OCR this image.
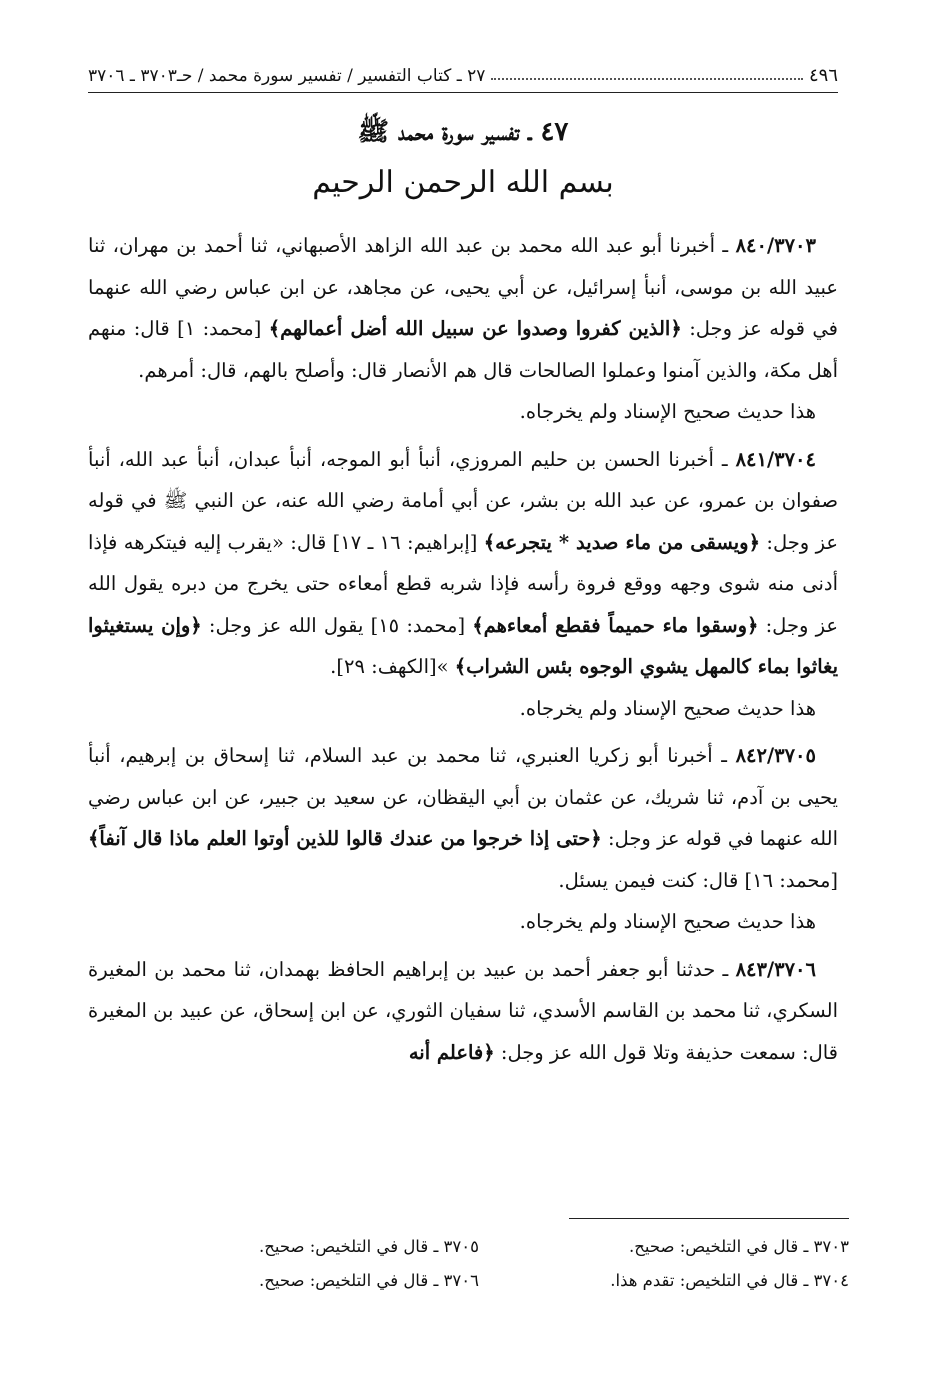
٤٩٦
٢٧ ـ كتاب التفسير / تفسير سورة محمد / حـ٣٧٠٣ ـ ٣٧٠٦
٤٧ ـ تفسير سورة محمد ﷺ
بسم الله الرحمن الرحيم

٨٤٠/٣٧٠٣ ـ أخبرنا أبو عبد الله محمد بن عبد الله الزاهد الأصبهاني، ثنا أحمد بن مهران، ثنا عبيد الله بن موسى، أنبأ إسرائيل، عن أبي يحيى، عن مجاهد، عن ابن عباس رضي الله عنهما في قوله عز وجل: ﴿الذين كفروا وصدوا عن سبيل الله أضل أعمالهم﴾ [محمد: ١] قال: منهم أهل مكة، والذين آمنوا وعملوا الصالحات قال هم الأنصار قال: وأصلح بالهم، قال: أمرهم.

هذا حديث صحيح الإسناد ولم يخرجاه.

٨٤١/٣٧٠٤ ـ أخبرنا الحسن بن حليم المروزي، أنبأ أبو الموجه، أنبأ عبدان، أنبأ عبد الله، أنبأ صفوان بن عمرو، عن عبد الله بن بشر، عن أبي أمامة رضي الله عنه، عن النبي ﷺ في قوله عز وجل: ﴿ويسقى من ماء صديد * يتجرعه﴾ [إبراهيم: ١٦ ـ ١٧] قال: «يقرب إليه فيتكرهه فإذا أدنى منه شوى وجهه ووقع فروة رأسه فإذا شربه قطع أمعاءه حتى يخرج من دبره يقول الله عز وجل: ﴿وسقوا ماء حميماً فقطع أمعاءهم﴾ [محمد: ١٥] يقول الله عز وجل: ﴿وإن يستغيثوا يغاثوا بماء كالمهل يشوي الوجوه بئس الشراب﴾ »[الكهف: ٢٩].

هذا حديث صحيح الإسناد ولم يخرجاه.

٨٤٢/٣٧٠٥ ـ أخبرنا أبو زكريا العنبري، ثنا محمد بن عبد السلام، ثنا إسحاق بن إبرهيم، أنبأ يحيى بن آدم، ثنا شريك، عن عثمان بن أبي اليقظان، عن سعيد بن جبير، عن ابن عباس رضي الله عنهما في قوله عز وجل: ﴿حتى إذا خرجوا من عندك قالوا للذين أوتوا العلم ماذا قال آنفاً﴾ [محمد: ١٦] قال: كنت فيمن يسئل.

هذا حديث صحيح الإسناد ولم يخرجاه.

٨٤٣/٣٧٠٦ ـ حدثنا أبو جعفر أحمد بن عبيد بن إبراهيم الحافظ بهمدان، ثنا محمد بن المغيرة السكري، ثنا محمد بن القاسم الأسدي، ثنا سفيان الثوري، عن ابن إسحاق، عن عبيد بن المغيرة قال: سمعت حذيفة وتلا قول الله عز وجل: ﴿فاعلم أنه

٣٧٠٣ ـ قال في التلخيص: صحيح.
٣٧٠٥ ـ قال في التلخيص: صحيح.
٣٧٠٤ ـ قال في التلخيص: تقدم هذا.
٣٧٠٦ ـ قال في التلخيص: صحيح.
